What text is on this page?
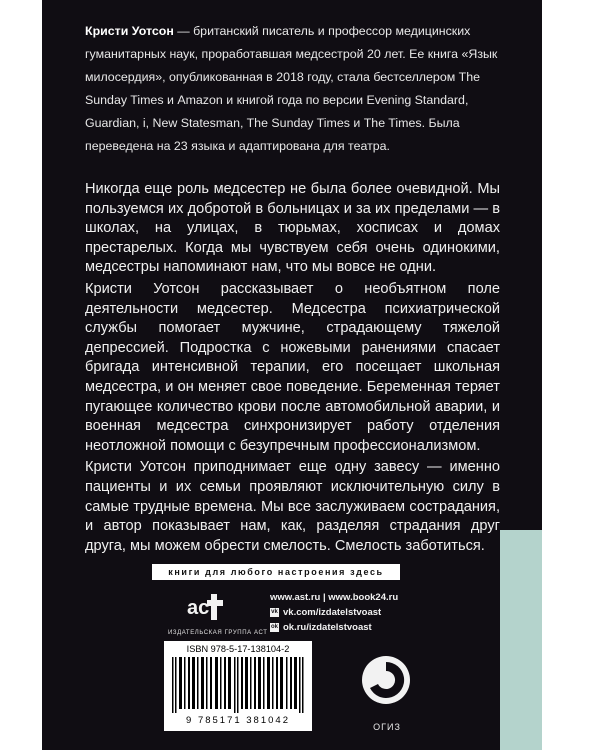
Кристи Уотсон — британский писатель и профессор медицинских гуманитарных наук, проработавшая медсестрой 20 лет. Ее книга «Язык милосердия», опубликованная в 2018 году, стала бестселлером The Sunday Times и Amazon и книгой года по версии Evening Standard, Guardian, i, New Statesman, The Sunday Times и The Times. Была переведена на 23 языка и адаптирована для театра.

Никогда еще роль медсестер не была более очевидной. Мы пользуемся их добротой в больницах и за их пределами — в школах, на улицах, в тюрьмах, хосписах и домах престарелых. Когда мы чувствуем себя очень одинокими, медсестры напоминают нам, что мы вовсе не одни.

Кристи Уотсон рассказывает о необъятном поле деятельности медсестер. Медсестра психиатрической службы помогает мужчине, страдающему тяжелой депрессией. Подростка с ножевыми ранениями спасает бригада интенсивной терапии, его посещает школьная медсестра, и он меняет свое поведение. Беременная теряет пугающее количество крови после автомобильной аварии, и военная медсестра синхронизирует работу отделения неотложной помощи с безупречным профессионализмом.

Кристи Уотсон приподнимает еще одну завесу — именно пациенты и их семьи проявляют исключительную силу в самые трудные времена. Мы все заслуживаем сострадания, и автор показывает нам, как, разделяя страдания друг друга, мы можем обрести смелость. Смелость заботиться.

книги для любого настроения здесь
ac
ИЗДАТЕЛЬСКАЯ ГРУППА АСТ
www.ast.ru | www.book24.ru
vk vk.com/izdatelstvoast
ok ok.ru/izdatelstvoast
ISBN 978-5-17-138104-2
9 785171 381042
ОГИЗ
